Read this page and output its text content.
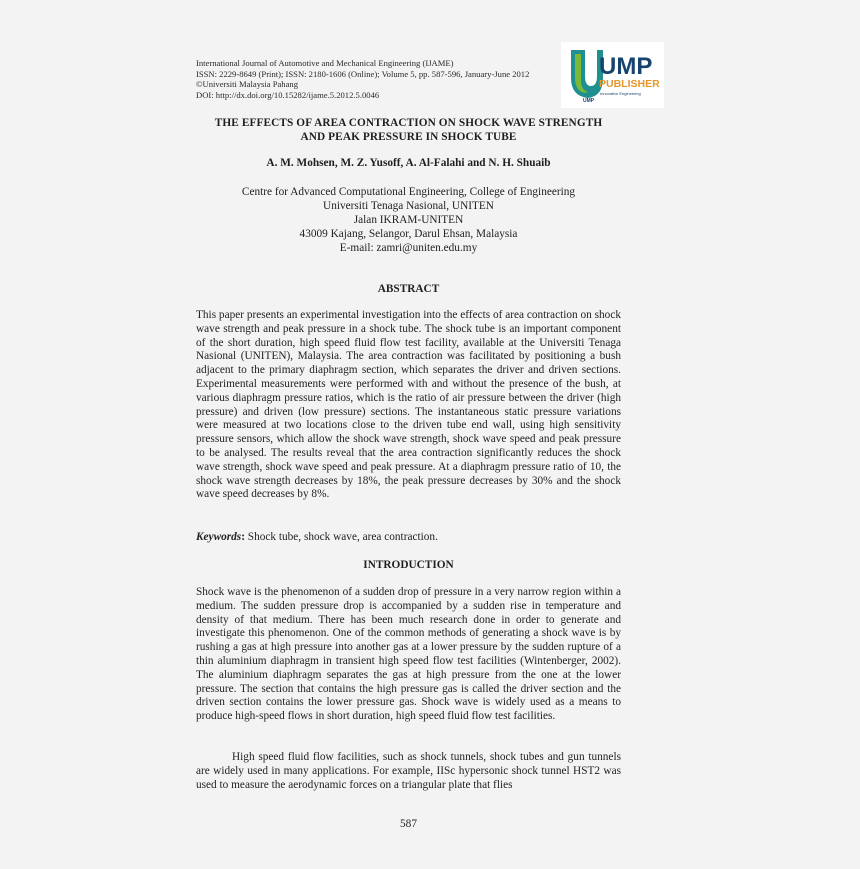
International Journal of Automotive and Mechanical Engineering (IJAME)
ISSN: 2229-8649 (Print); ISSN: 2180-1606 (Online); Volume 5, pp. 587-596, January-June 2012
©Universiti Malaysia Pahang
DOI: http://dx.doi.org/10.15282/ijame.5.2012.5.0046
UMP
UMP
PUBLISHER
Innovative Engineering
THE EFFECTS OF AREA CONTRACTION ON SHOCK WAVE STRENGTH
AND PEAK PRESSURE IN SHOCK TUBE
A. M. Mohsen, M. Z. Yusoff, A. Al-Falahi and N. H. Shuaib
Centre for Advanced Computational Engineering, College of Engineering
Universiti Tenaga Nasional, UNITEN
Jalan IKRAM-UNITEN
43009 Kajang, Selangor, Darul Ehsan, Malaysia
E-mail: zamri@uniten.edu.my
ABSTRACT
This paper presents an experimental investigation into the effects of area contraction on shock wave strength and peak pressure in a shock tube. The shock tube is an important component of the short duration, high speed fluid flow test facility, available at the Universiti Tenaga Nasional (UNITEN), Malaysia. The area contraction was facilitated by positioning a bush adjacent to the primary diaphragm section, which separates the driver and driven sections. Experimental measurements were performed with and without the presence of the bush, at various diaphragm pressure ratios, which is the ratio of air pressure between the driver (high pressure) and driven (low pressure) sections. The instantaneous static pressure variations were measured at two locations close to the driven tube end wall, using high sensitivity pressure sensors, which allow the shock wave strength, shock wave speed and peak pressure to be analysed. The results reveal that the area contraction significantly reduces the shock wave strength, shock wave speed and peak pressure. At a diaphragm pressure ratio of 10, the shock wave strength decreases by 18%, the peak pressure decreases by 30% and the shock wave speed decreases by 8%.
Keywords: Shock tube, shock wave, area contraction.
INTRODUCTION
Shock wave is the phenomenon of a sudden drop of pressure in a very narrow region within a medium. The sudden pressure drop is accompanied by a sudden rise in temperature and density of that medium. There has been much research done in order to generate and investigate this phenomenon. One of the common methods of generating a shock wave is by rushing a gas at high pressure into another gas at a lower pressure by the sudden rupture of a thin aluminium diaphragm in transient high speed flow test facilities (Wintenberger, 2002). The aluminium diaphragm separates the gas at high pressure from the one at the lower pressure. The section that contains the high pressure gas is called the driver section and the driven section contains the lower pressure gas. Shock wave is widely used as a means to produce high-speed flows in short duration, high speed fluid flow test facilities.
High speed fluid flow facilities, such as shock tunnels, shock tubes and gun tunnels are widely used in many applications. For example, IISc hypersonic shock tunnel HST2 was used to measure the aerodynamic forces on a triangular plate that flies
587
